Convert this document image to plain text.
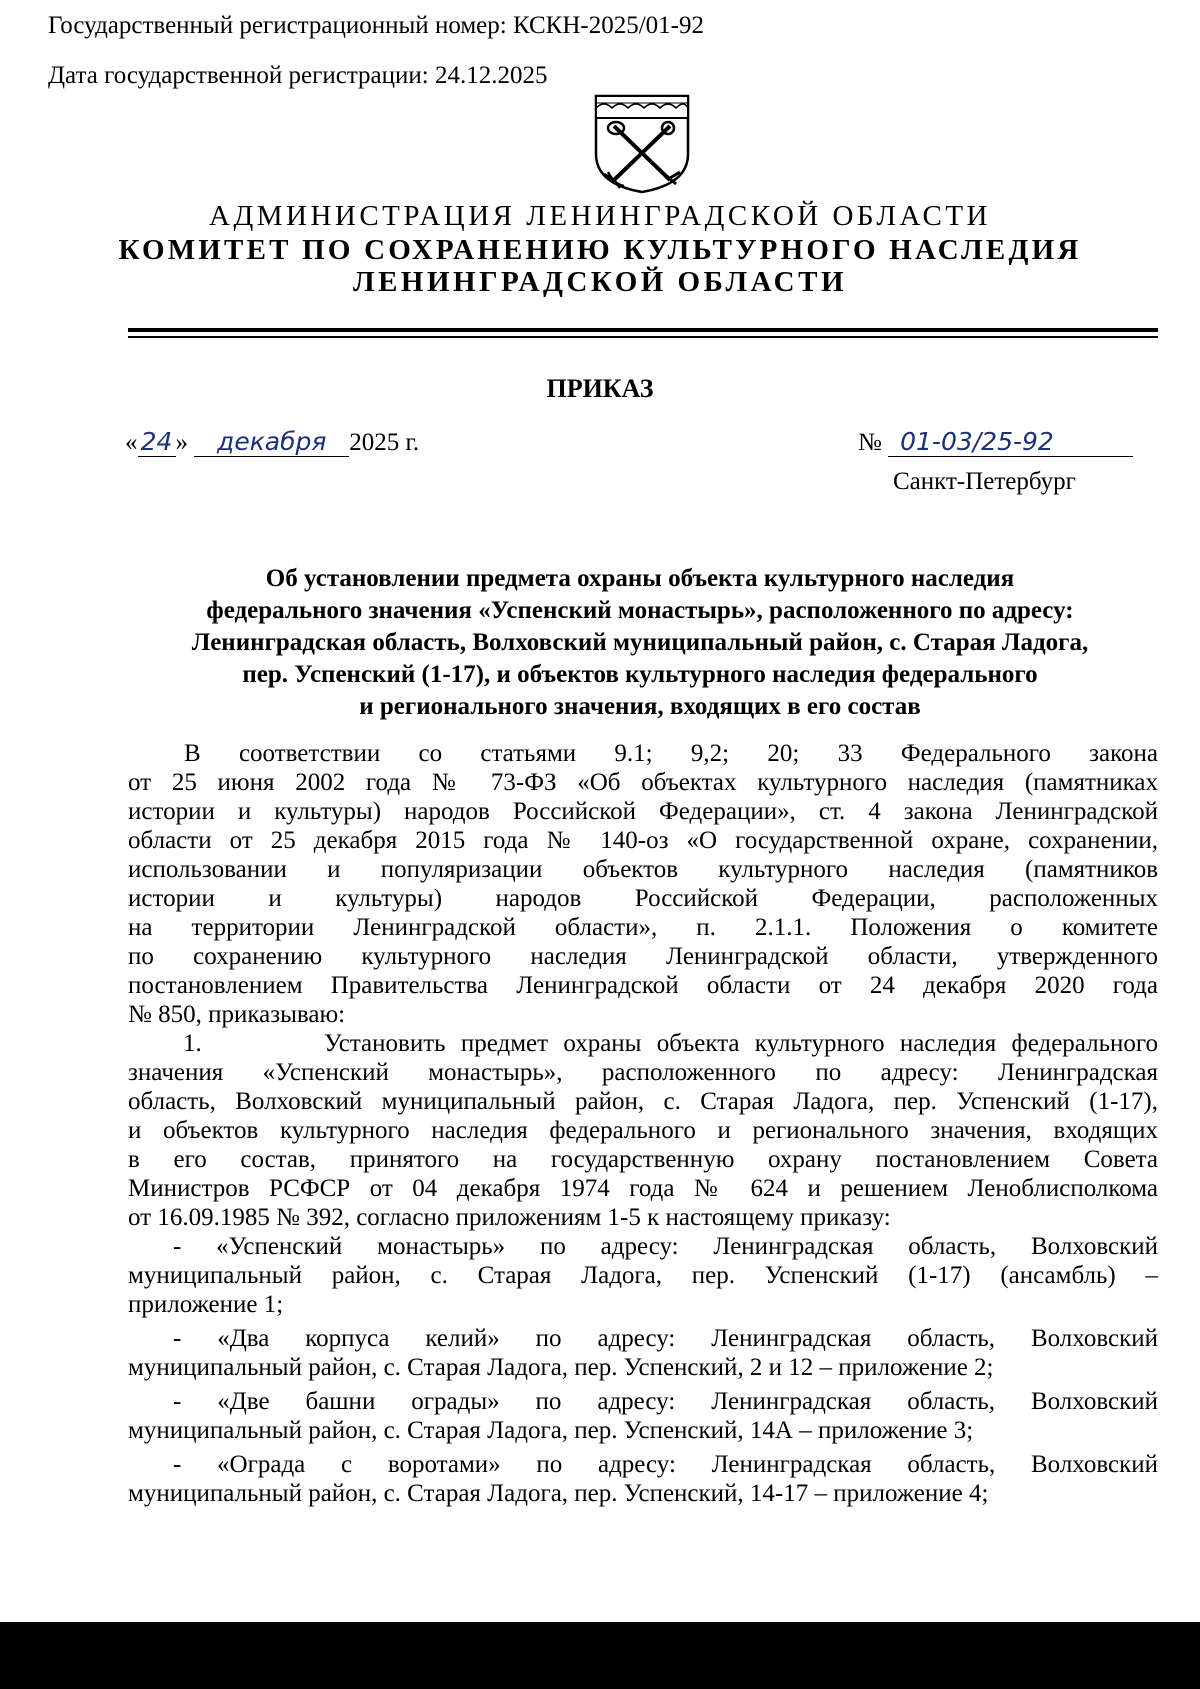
Государственный регистрационный номер: КСКН-2025/01-92
Дата государственной регистрации: 24.12.2025
АДМИНИСТРАЦИЯ ЛЕНИНГРАДСКОЙ ОБЛАСТИ
КОМИТЕТ ПО СОХРАНЕНИЮ КУЛЬТУРНОГО НАСЛЕДИЯ
ЛЕНИНГРАДСКОЙ ОБЛАСТИ
ПРИКАЗ
« 24 » декабря 2025 г.	№ 01-03/25-92
Санкт-Петербург
Об установлении предмета охраны объекта культурного наследия
федерального значения «Успенский монастырь», расположенного по адресу:
Ленинградская область, Волховский муниципальный район, с. Старая Ладога,
пер. Успенский (1-17), и объектов культурного наследия федерального
и регионального значения, входящих в его состав
В соответствии со статьями 9.1; 9,2; 20; 33 Федерального закона
от 25 июня 2002 года № 73-ФЗ «Об объектах культурного наследия (памятниках
истории и культуры) народов Российской Федерации», ст. 4 закона Ленинградской
области от 25 декабря 2015 года № 140-оз «О государственной охране, сохранении,
использовании и популяризации объектов культурного наследия (памятников
истории и культуры) народов Российской Федерации, расположенных
на территории Ленинградской области», п. 2.1.1. Положения о комитете
по сохранению культурного наследия Ленинградской области, утвержденного
постановлением Правительства Ленинградской области от 24 декабря 2020 года
№ 850, приказываю:
1.        Установить предмет охраны объекта культурного наследия федерального
значения «Успенский монастырь», расположенного по адресу: Ленинградская
область, Волховский муниципальный район, с. Старая Ладога, пер. Успенский (1-17),
и объектов культурного наследия федерального и регионального значения, входящих
в его состав, принятого на государственную охрану постановлением Совета
Министров РСФСР от 04 декабря 1974 года № 624 и решением Леноблисполкома
от 16.09.1985 № 392, согласно приложениям 1-5 к настоящему приказу:
- «Успенский монастырь» по адресу: Ленинградская область, Волховский
муниципальный район, с. Старая Ладога, пер. Успенский (1-17) (ансамбль) –
приложение 1;
- «Два корпуса келий» по адресу: Ленинградская область, Волховский
муниципальный район, с. Старая Ладога, пер. Успенский, 2 и 12 – приложение 2;
- «Две башни ограды» по адресу: Ленинградская область, Волховский
муниципальный район, с. Старая Ладога, пер. Успенский, 14А – приложение 3;
- «Ограда с воротами» по адресу: Ленинградская область, Волховский
муниципальный район, с. Старая Ладога, пер. Успенский, 14-17 – приложение 4;
